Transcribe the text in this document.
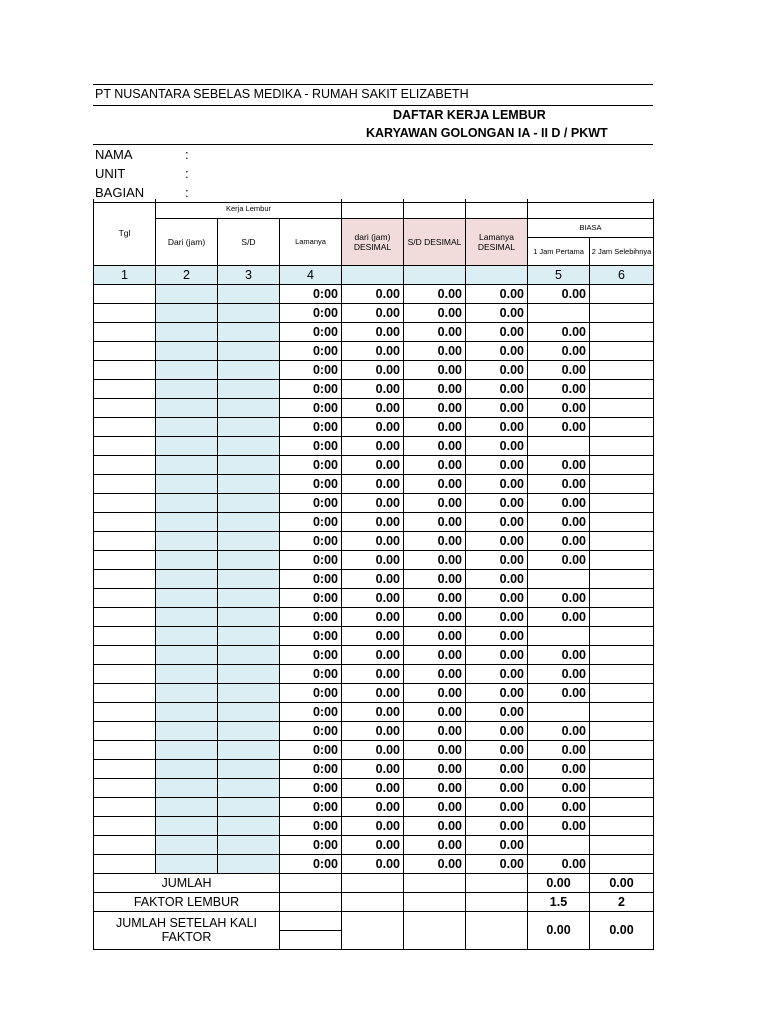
PT NUSANTARA SEBELAS MEDIKA - RUMAH SAKIT ELIZABETH
DAFTAR KERJA LEMBUR
KARYAWAN GOLONGAN IA - II D / PKWT
NAMA	:
UNIT	:
BAGIAN	:
Tgl	Kerja Lembur							
	Dari (jam)	S/D	Lamanya	dari (jam) DESIMAL	S/D DESIMAL	Lamanya DESIMAL	BIASA	
							1 Jam Pertama	2 Jam Selebihnya
1	2	3	4				5	6
			0:00	0.00	0.00	0.00	0.00	
			0:00	0.00	0.00	0.00		
			0:00	0.00	0.00	0.00	0.00	
			0:00	0.00	0.00	0.00	0.00	
			0:00	0.00	0.00	0.00	0.00	
			0:00	0.00	0.00	0.00	0.00	
			0:00	0.00	0.00	0.00	0.00	
			0:00	0.00	0.00	0.00	0.00	
			0:00	0.00	0.00	0.00		
			0:00	0.00	0.00	0.00	0.00	
			0:00	0.00	0.00	0.00	0.00	
			0:00	0.00	0.00	0.00	0.00	
			0:00	0.00	0.00	0.00	0.00	
			0:00	0.00	0.00	0.00	0.00	
			0:00	0.00	0.00	0.00	0.00	
			0:00	0.00	0.00	0.00		
			0:00	0.00	0.00	0.00	0.00	
			0:00	0.00	0.00	0.00	0.00	
			0:00	0.00	0.00	0.00		
			0:00	0.00	0.00	0.00	0.00	
			0:00	0.00	0.00	0.00	0.00	
			0:00	0.00	0.00	0.00	0.00	
			0:00	0.00	0.00	0.00		
			0:00	0.00	0.00	0.00	0.00	
			0:00	0.00	0.00	0.00	0.00	
			0:00	0.00	0.00	0.00	0.00	
			0:00	0.00	0.00	0.00	0.00	
			0:00	0.00	0.00	0.00	0.00	
			0:00	0.00	0.00	0.00	0.00	
			0:00	0.00	0.00	0.00		
			0:00	0.00	0.00	0.00	0.00	
JUMLAH							0.00	0.00
FAKTOR LEMBUR							1.5	2
JUMLAH SETELAH KALI FAKTOR							0.00	0.00
